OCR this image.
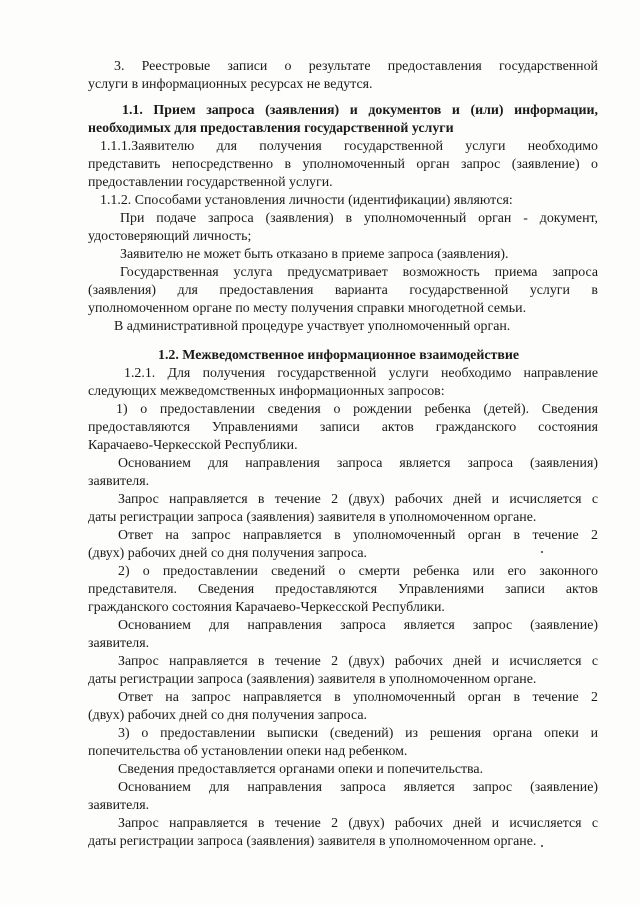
3. Реестровые записи о результате предоставления государственной
услуги в информационных ресурсах не ведутся.
1.1. Прием запроса (заявления) и документов и (или) информации,
необходимых для предоставления государственной услуги
1.1.1.Заявителю для получения государственной услуги необходимо
представить непосредственно в уполномоченный орган запрос (заявление) о
предоставлении государственной услуги.
1.1.2. Способами установления личности (идентификации) являются:
При подаче запроса (заявления) в уполномоченный орган - документ,
удостоверяющий личность;
Заявителю не может быть отказано в приеме запроса (заявления).
Государственная услуга предусматривает возможность приема запроса
(заявления) для предоставления варианта государственной услуги в
уполномоченном органе по месту получения справки многодетной семьи.
В административной процедуре участвует уполномоченный орган.
1.2. Межведомственное информационное взаимодействие
1.2.1. Для получения государственной услуги необходимо направление
следующих межведомственных информационных запросов:
1) о предоставлении сведения о рождении ребенка (детей). Сведения
предоставляются Управлениями записи актов гражданского состояния
Карачаево-Черкесской Республики.
Основанием для направления запроса является запроса (заявления)
заявителя.
Запрос направляется в течение 2 (двух) рабочих дней и исчисляется с
даты регистрации запроса (заявления) заявителя в уполномоченном органе.
Ответ на запрос направляется в уполномоченный орган в течение 2
(двух) рабочих дней со дня получения запроса.
2) о предоставлении сведений о смерти ребенка или его законного
представителя. Сведения предоставляются Управлениями записи актов
гражданского состояния Карачаево-Черкесской Республики.
Основанием для направления запроса является запрос (заявление)
заявителя.
Запрос направляется в течение 2 (двух) рабочих дней и исчисляется с
даты регистрации запроса (заявления) заявителя в уполномоченном органе.
Ответ на запрос направляется в уполномоченный орган в течение 2
(двух) рабочих дней со дня получения запроса.
3) о предоставлении выписки (сведений) из решения органа опеки и
попечительства об установлении опеки над ребенком.
Сведения предоставляется органами опеки и попечительства.
Основанием для направления запроса является запрос (заявление)
заявителя.
Запрос направляется в течение 2 (двух) рабочих дней и исчисляется с
даты регистрации запроса (заявления) заявителя в уполномоченном органе.
